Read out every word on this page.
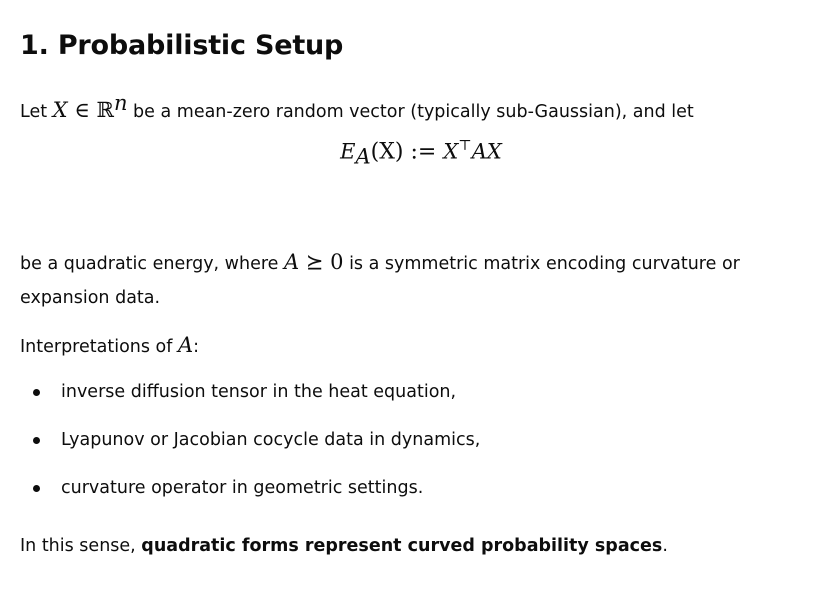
1. Probabilistic Setup

Let X ∈ ℝ$^n$ be a mean-zero random vector (typically sub-Gaussian), and let

$E_A(X)$ := X⊤AX

be a quadratic energy, where A ⪰ 0 is a symmetric matrix encoding curvature or

expansion data.

Interpretations of A:

inverse diffusion tensor in the heat equation,
Lyapunov or Jacobian cocycle data in dynamics,
curvature operator in geometric settings.

In this sense, quadratic forms represent curved probability spaces.
